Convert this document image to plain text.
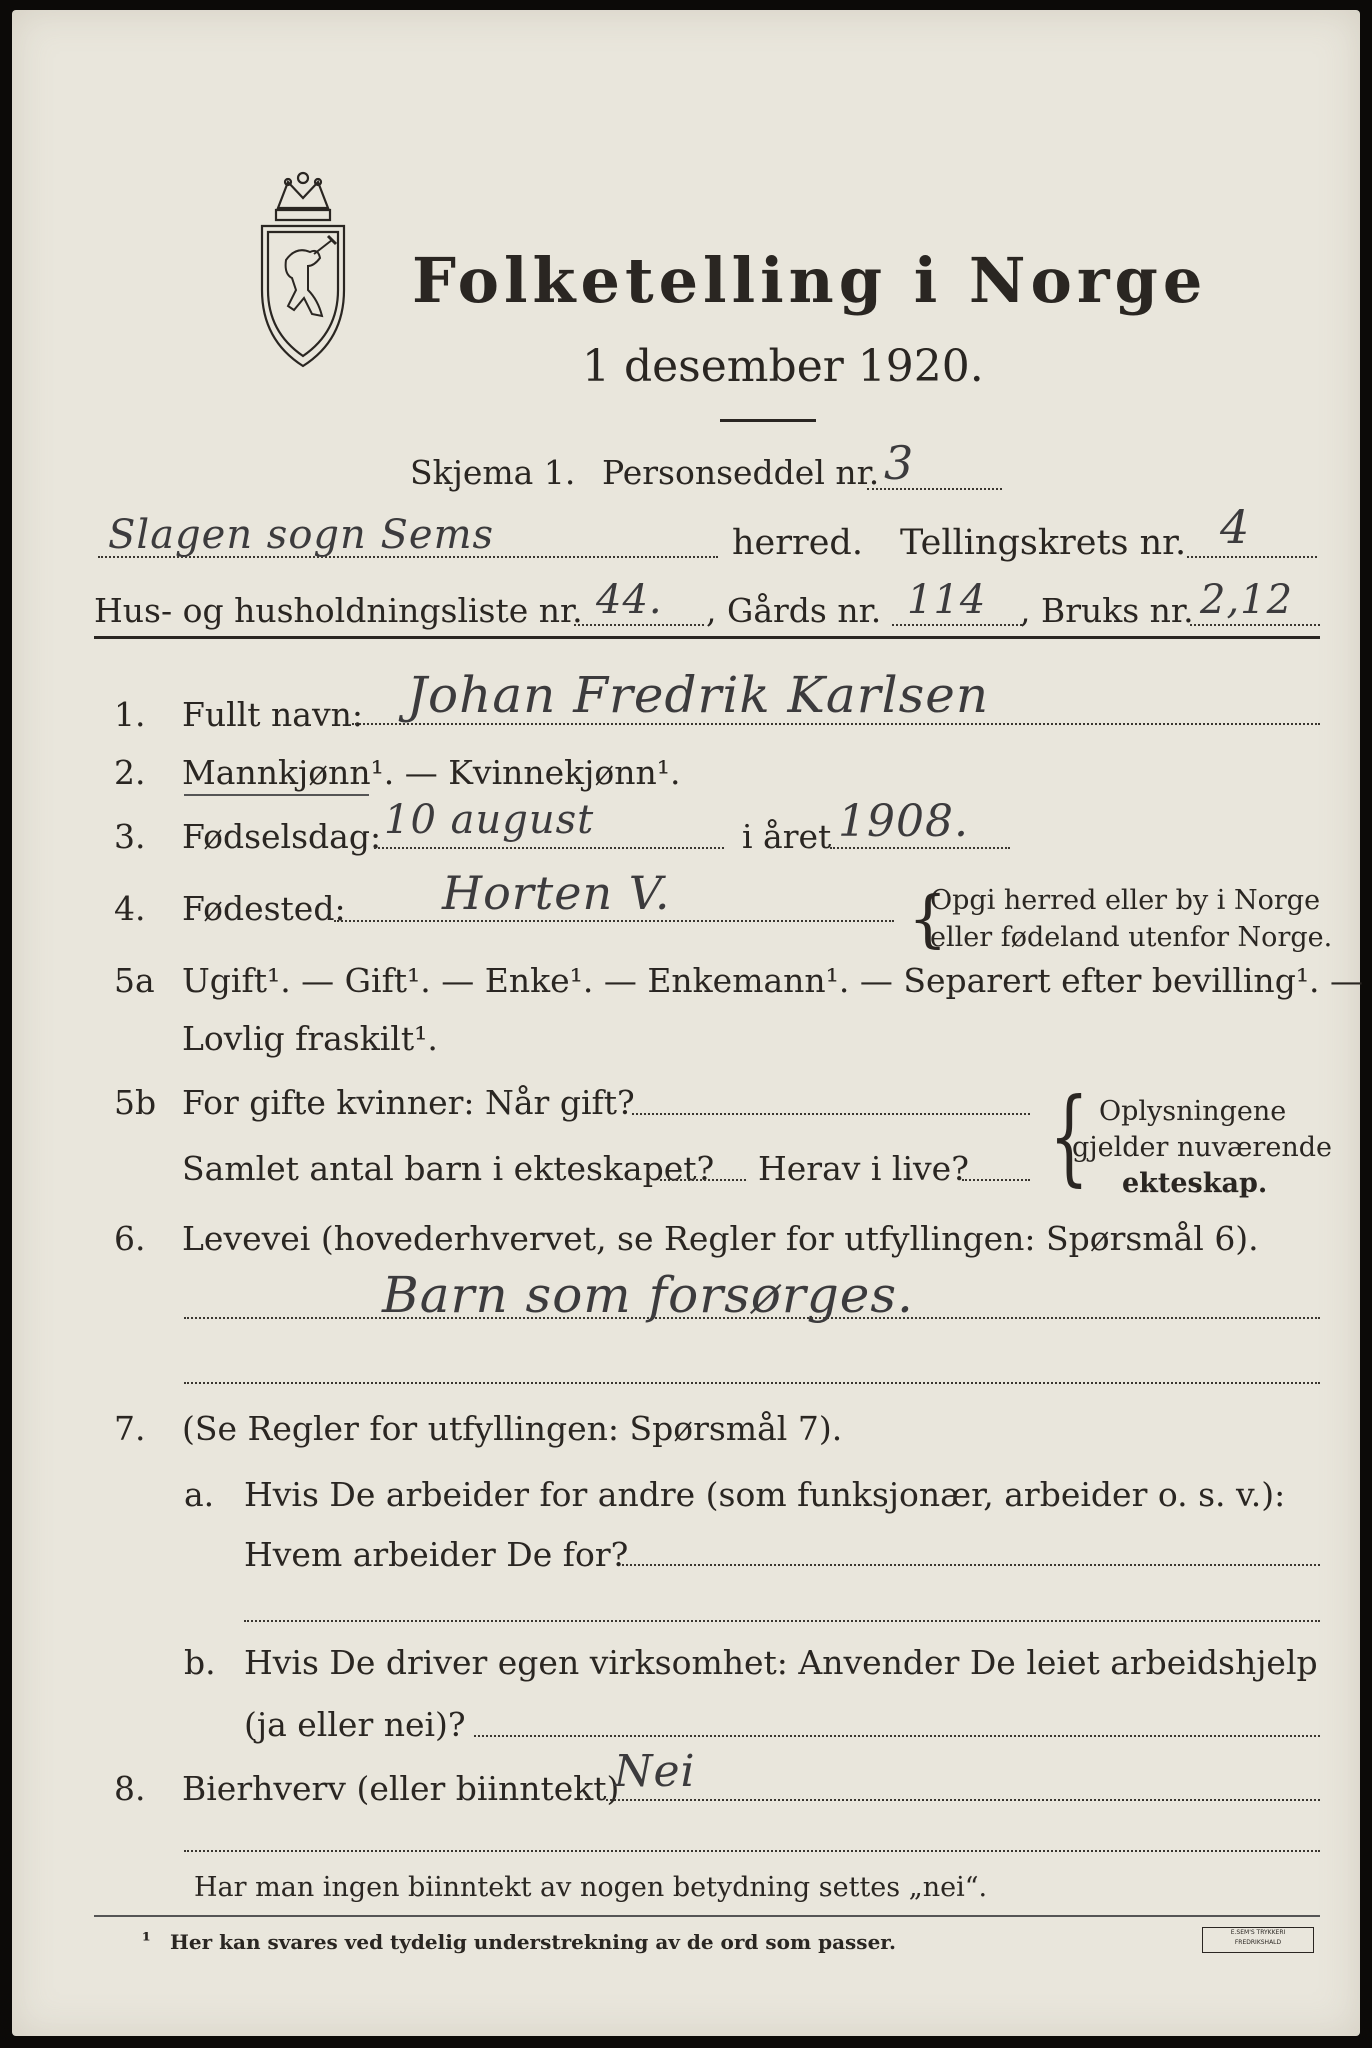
Folketelling i Norge
1 desember 1920.
Skjema 1. Personseddel nr. 3
Slagen sogn Sems	herred. Tellingskrets nr. 4
Hus- og husholdningsliste nr. 44. , Gårds nr. 114 , Bruks nr. 2,12
1. Fullt navn: Johan Fredrik Karlsen
2. Mannkjønn¹. — Kvinnekjønn¹.
3. Fødselsdag: 10 august	i året 1908.
4. Fødested: Horten V.	{
Opgi herred eller by i Norge
eller fødeland utenfor Norge.
5a Ugift¹. — Gift¹. — Enke¹. — Enkemann¹. — Separert efter bevilling¹. —
Lovlig fraskilt¹.
5b For gifte kvinner: Når gift?
Samlet antal barn i ekteskapet? Herav i live? { Oplysningene
gjelder nuværende
ekteskap.
6. Levevei (hovederhvervet, se Regler for utfyllingen: Spørsmål 6).
Barn som forsørges.
7. (Se Regler for utfyllingen: Spørsmål 7).
a. Hvis De arbeider for andre (som funksjonær, arbeider o. s. v.):
Hvem arbeider De for?
b. Hvis De driver egen virksomhet: Anvender De leiet arbeidshjelp
(ja eller nei)?
8. Bierhverv (eller biinntekt)
Nei
Har man ingen biinntekt av nogen betydning settes „nei“.
¹ Her kan svares ved tydelig understrekning av de ord som passer.	E.SEM'S TRYKKERI
FREDRIKSHALD
